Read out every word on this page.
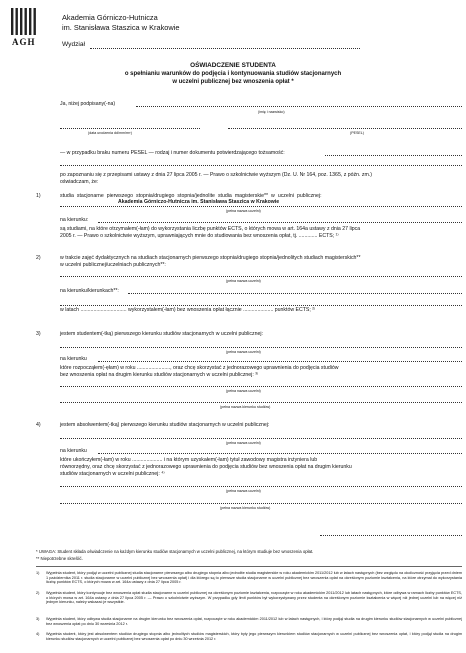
AGH
Akademia Górniczo-Hutnicza
im. Stanisława Staszica w Krakowie
Wydział
OŚWIADCZENIE STUDENTA
o spełnianiu warunków do podjęcia i kontynuowania studiów stacjonarnych
w uczelni publicznej bez wnoszenia opłat *
Ja, niżej podpisany(-na)
(imię i nazwisko)
(data urodzenia dd/mm/rrrr)	(PESEL)
— w przypadku braku numeru PESEL — rodzaj i numer dokumentu potwierdzającego tożsamość:
po zapoznaniu się z przepisami ustawy z dnia 27 lipca 2005 r. — Prawo o szkolnictwie wyższym (Dz. U. Nr 164, poz. 1365, z późn. zm.)
oświadczam, że:
1)	studia stacjonarne pierwszego stopnia/drugiego stopnia/jednolite studia magisterskie** w uczelni publicznej:
Akademia Górniczo-Hutnicza im. Stanisława Staszica w Krakowie
(pełna nazwa uczelni)
na kierunku:
są studiami, na które otrzymałem(-łam) do wykorzystania liczbę punktów ECTS, o których mowa w art. 164a ustawy z dnia 27 lipca
2005 r. — Prawo o szkolnictwie wyższym, uprawniających mnie do studiowania bez wnoszenia opłat, tj. ............. ECTS; ¹⁾
2)	w trakcie zajęć dydaktycznych na studiach stacjonarnych pierwszego stopnia/drugiego stopnia/jednolitych studiach magisterskich**
w uczelni publicznej/uczelniach publicznych**:
(pełna nazwa uczelni)
na kierunku/kierunkach**:
w latach ................................ wykorzystałem(-łam) bez wnoszenia opłat łącznie ..................... punktów ECTS; ²⁾
3)	jestem studentem(-tką) pierwszego kierunku studiów stacjonarnych w uczelni publicznej:
(pełna nazwa uczelni)
na kierunku
które rozpocząłem(-ęłam) w roku ......................., oraz chcę skorzystać z jednorazowego uprawnienia do podjęcia studiów
bez wnoszenia opłat na drugim kierunku studiów stacjonarnych w uczelni publicznej: ³⁾
(pełna nazwa uczelni)
(pełna nazwa kierunku studiów)
4)	jestem absolwentem(-tką) pierwszego kierunku studiów stacjonarnych w uczelni publicznej:
(pełna nazwa uczelni)
na kierunku
które ukończyłem(-łam) w roku ..................... i na którym uzyskałem(-łam) tytuł zawodowy magistra inżyniera lub
równorzędny, oraz chcę skorzystać z jednorazowego uprawnienia do podjęcia studiów bez wnoszenia opłat na drugim kierunku
studiów stacjonarnych w uczelni publicznej: ⁴⁾
(pełna nazwa uczelni)
(pełna nazwa kierunku studiów)
* UWAGA: Student składa oświadczenie na każdym kierunku studiów stacjonarnych w uczelni publicznej, na którym studiuje bez wnoszenia opłat.
** Niepotrzebne skreślić.
1) Wypełnia student, który podjął w uczelni publicznej studia stacjonarne pierwszego albo drugiego stopnia albo jednolite studia magisterskie w roku akademickim 2011/2012 lub w latach następnych (bez względu na okoliczność przyjęcia przed dniem 1 października 2011 r. studia stacjonarne w uczelni publicznej bez wnoszenia opłat) i dla którego są to pierwsze studia stacjonarne w uczelni publicznej bez wnoszenia opłat na określonym poziomie kształcenia, na które otrzymał do wykorzystania liczbę punktów ECTS, o których mowa w art. 164a ustawy z dnia 27 lipca 2005 r.
2) Wypełnia student, który kontynuuje bez wnoszenia opłat studia stacjonarne w uczelni publicznej na określonym poziomie kształcenia, rozpoczęte w roku akademickim 2011/2012 lub latach następnych, które odbywa w ramach liczby punktów ECTS, o których mowa w art. 164a ustawy z dnia 27 lipca 2005 r. — Prawo o szkolnictwie wyższym. W przypadku gdy limit punktów był wykorzystywany przez studenta na określonym poziomie kształcenia w więcej niż jednej uczelni lub na więcej niż jednym kierunku, należy wskazać je wszystkie.
3) Wypełnia student, który odbywa studia stacjonarne na drugim kierunku bez wnoszenia opłat, rozpoczęte w roku akademickim 2011/2012 lub w latach następnych, i który podjął studia na drugim kierunku studiów stacjonarnych w uczelni publicznej bez wnoszenia opłat po dniu 30 września 2012 r.
4) Wypełnia student, który jest absolwentem studiów drugiego stopnia albo jednolitych studiów magisterskich, który były jego pierwszym kierunkiem studiów stacjonarnych w uczelni publicznej bez wnoszenia opłat, i który podjął studia na drugim kierunku studiów stacjonarnych w uczelni publicznej bez wnoszenia opłat po dniu 30 września 2012 r.
